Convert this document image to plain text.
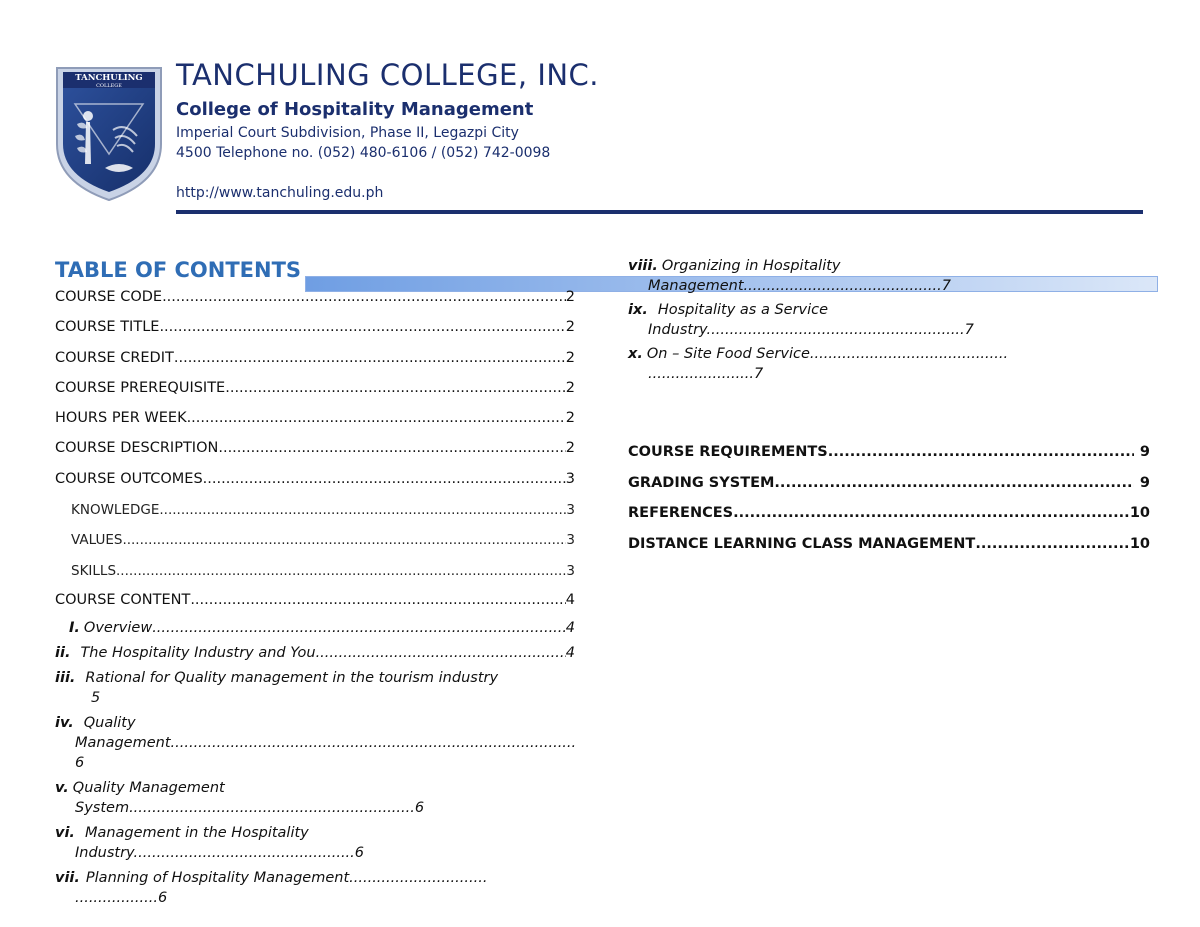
TANCHULING
COLLEGE TANCHULING COLLEGE, INC.
College of Hospitality Management
Imperial Court Subdivision, Phase II, Legazpi City
4500 Telephone no. (052) 480-6106 / (052) 742-0098
http://www.tanchuling.edu.ph
TABLE OF CONTENTS
COURSE CODE .....	2
COURSE TITLE .....	2
COURSE CREDIT .....	2
COURSE PREREQUISITE .....	2
HOURS PER WEEK .....	2
COURSE DESCRIPTION .....	2
COURSE OUTCOMES .....	3
KNOWLEDGE .....	3
VALUES .....	3
SKILLS .....	3
COURSE CONTENT .....	4
I. Overview .....	4
ii. The Hospitality Industry and You .....	4
iii. Rational for Quality management in the tourism industry
5
iv. Quality
Management
.....
6
v. Quality Management
System..............................................................6
vi. Management in the Hospitality
Industry................................................6
vii. Planning of Hospitality Management..............................
..................6
viii. Organizing in Hospitality
Management...........................................7
ix. Hospitality as a Service
Industry........................................................7
x. On – Site Food Service...........................................
.......................7
COURSE REQUIREMENTS .....	9
GRADING SYSTEM .....	9
REFERENCES .....	10
DISTANCE LEARNING CLASS MANAGEMENT .....	10
